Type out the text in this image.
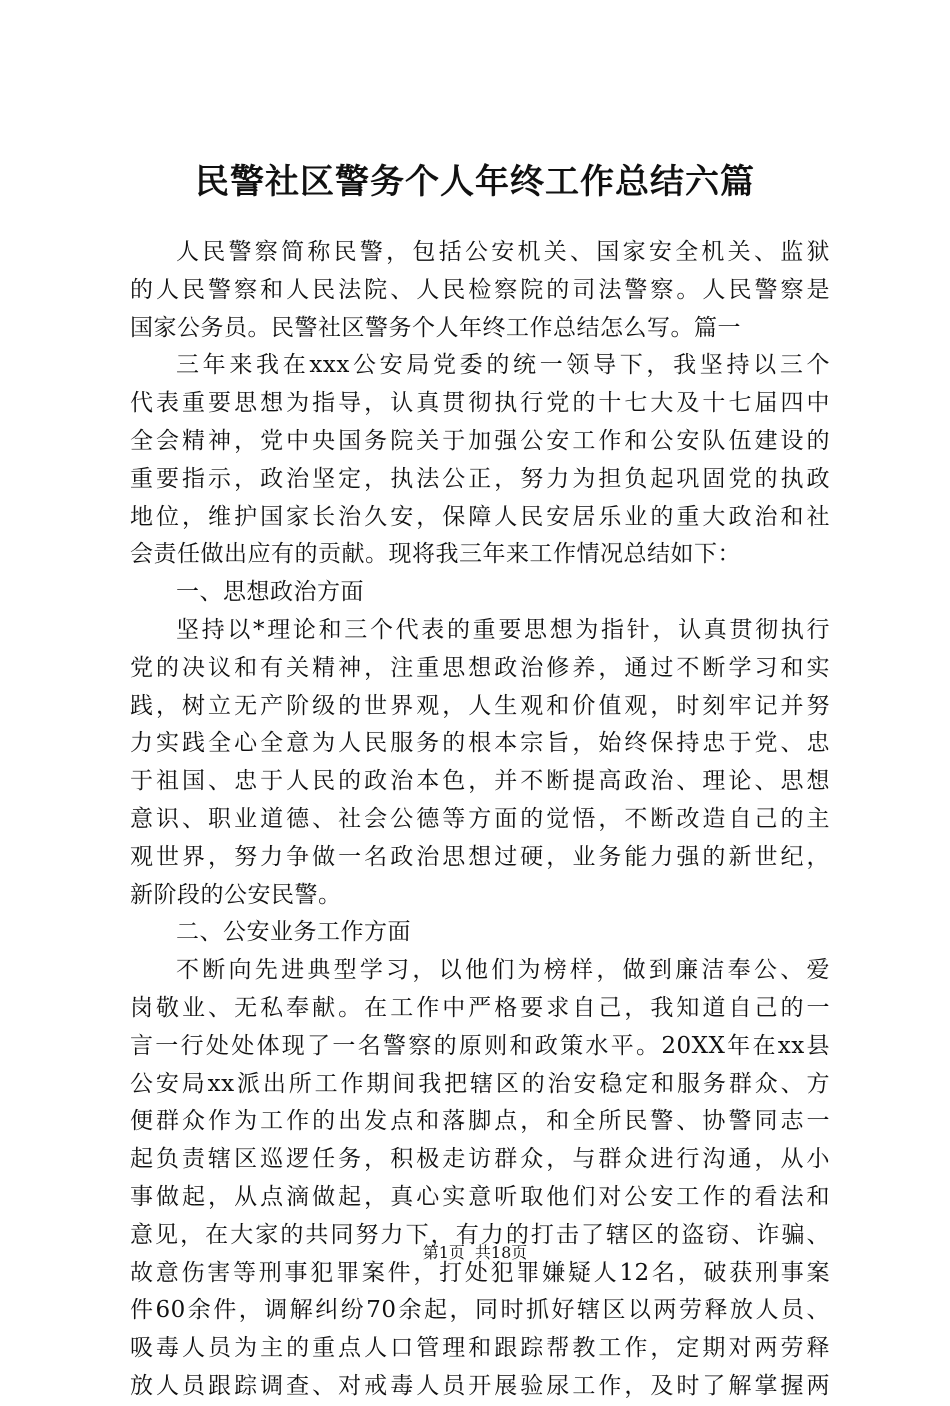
民警社区警务个人年终工作总结六篇
人民警察简称民警，包括公安机关、国家安全机关、监狱
的人民警察和人民法院、人民检察院的司法警察。人民警察是
国家公务员。民警社区警务个人年终工作总结怎么写。篇一
三年来我在xxx公安局党委的统一领导下，我坚持以三个
代表重要思想为指导，认真贯彻执行党的十七大及十七届四中
全会精神，党中央国务院关于加强公安工作和公安队伍建设的
重要指示，政治坚定，执法公正，努力为担负起巩固党的执政
地位，维护国家长治久安，保障人民安居乐业的重大政治和社
会责任做出应有的贡献。现将我三年来工作情况总结如下：
一、思想政治方面
坚持以*理论和三个代表的重要思想为指针，认真贯彻执行
党的决议和有关精神，注重思想政治修养，通过不断学习和实
践，树立无产阶级的世界观，人生观和价值观，时刻牢记并努
力实践全心全意为人民服务的根本宗旨，始终保持忠于党、忠
于祖国、忠于人民的政治本色，并不断提高政治、理论、思想
意识、职业道德、社会公德等方面的觉悟，不断改造自己的主
观世界，努力争做一名政治思想过硬，业务能力强的新世纪，
新阶段的公安民警。
二、公安业务工作方面
不断向先进典型学习，以他们为榜样，做到廉洁奉公、爱
岗敬业、无私奉献。在工作中严格要求自己，我知道自己的一
言一行处处体现了一名警察的原则和政策水平。20XX年在xx县
公安局xx派出所工作期间我把辖区的治安稳定和服务群众、方
便群众作为工作的出发点和落脚点，和全所民警、协警同志一
起负责辖区巡逻任务，积极走访群众，与群众进行沟通，从小
事做起，从点滴做起，真心实意听取他们对公安工作的看法和
意见，在大家的共同努力下，有力的打击了辖区的盗窃、诈骗、
故意伤害等刑事犯罪案件，打处犯罪嫌疑人12名，破获刑事案
件60余件，调解纠纷70余起，同时抓好辖区以两劳释放人员、
吸毒人员为主的重点人口管理和跟踪帮教工作，定期对两劳释
放人员跟踪调查、对戒毒人员开展验尿工作，及时了解掌握两
第1页 共18页
